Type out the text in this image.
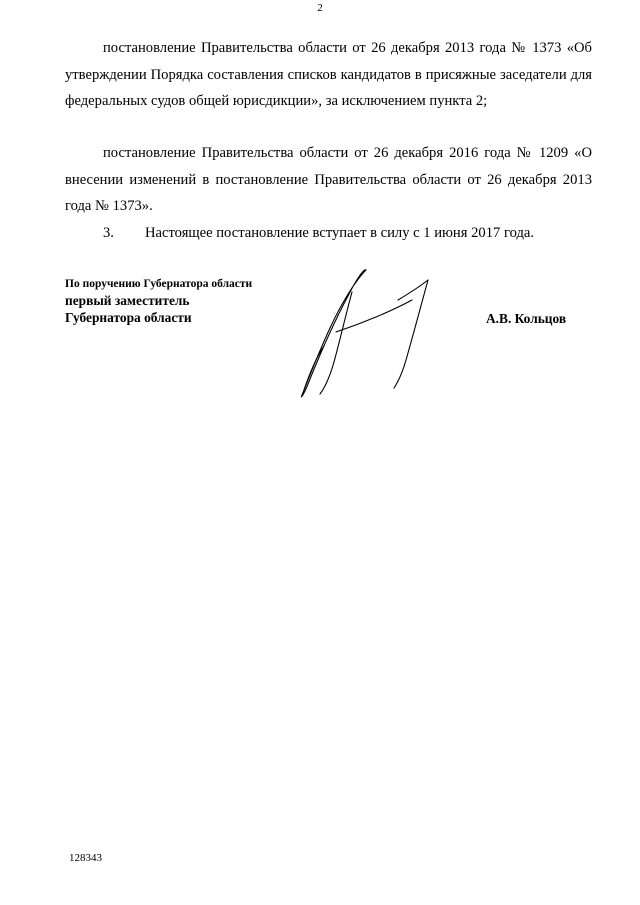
2

постановление Правительства области от 26 декабря 2013 года № 1373 «Об утверждении Порядка составления списков кандидатов в присяжные заседатели для федеральных судов общей юрисдикции», за исключением пункта 2;

постановление Правительства области от 26 декабря 2016 года № 1209 «О внесении изменений в постановление Правительства области от 26 декабря 2013 года № 1373».

3. Настоящее постановление вступает в силу с 1 июня 2017 года.

По поручению Губернатора области
первый заместитель
Губернатора области	А.В. Кольцов
128343
